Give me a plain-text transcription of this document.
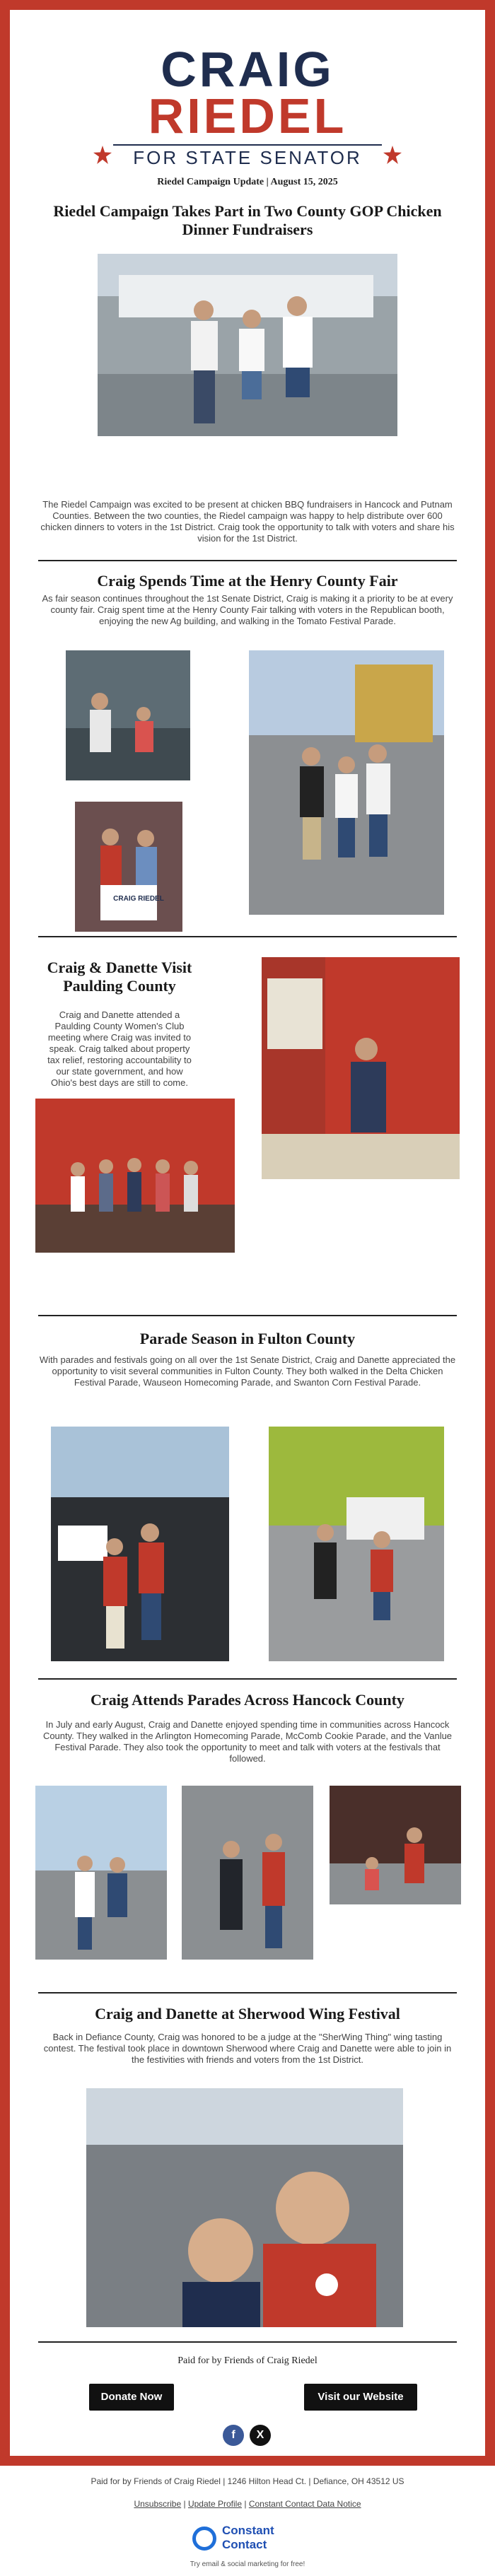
CRAIG
RIEDEL
FOR STATE SENATOR
Riedel Campaign Update | August 15, 2025
Riedel Campaign Takes Part in Two County GOP Chicken Dinner Fundraisers
The Riedel Campaign was excited to be present at chicken BBQ fundraisers in Hancock and Putnam Counties. Between the two counties, the Riedel campaign was happy to help distribute over 600 chicken dinners to voters in the 1st District. Craig took the opportunity to talk with voters and share his vision for the 1st District.
Craig Spends Time at the Henry County Fair
As fair season continues throughout the 1st Senate District, Craig is making it a priority to be at every county fair. Craig spent time at the Henry County Fair talking with voters in the Republican booth, enjoying the new Ag building, and walking in the Tomato Festival Parade.
CRAIG RIEDEL
Craig & Danette Visit Paulding County
Craig and Danette attended a Paulding County Women's Club meeting where Craig was invited to speak. Craig talked about property tax relief, restoring accountability to our state government, and how Ohio's best days are still to come.
Parade Season in Fulton County
With parades and festivals going on all over the 1st Senate District, Craig and Danette appreciated the opportunity to visit several communities in Fulton County. They both walked in the Delta Chicken Festival Parade, Wauseon Homecoming Parade, and Swanton Corn Festival Parade.
Craig Attends Parades Across Hancock County
In July and early August, Craig and Danette enjoyed spending time in communities across Hancock County. They walked in the Arlington Homecoming Parade, McComb Cookie Parade, and the Vanlue Festival Parade. They also took the opportunity to meet and talk with voters at the festivals that followed.
Craig and Danette at Sherwood Wing Festival
Back in Defiance County, Craig was honored to be a judge at the "SherWing Thing" wing tasting contest. The festival took place in downtown Sherwood where Craig and Danette were able to join in the festivities with friends and voters from the 1st District.
Paid for by Friends of Craig Riedel
Donate Now	Visit our Website
f	X
Paid for by Friends of Craig Riedel | 1246 Hilton Head Ct. | Defiance, OH 43512 US
Unsubscribe | Update Profile | Constant Contact Data Notice
Constant
Contact
Try email & social marketing for free!
